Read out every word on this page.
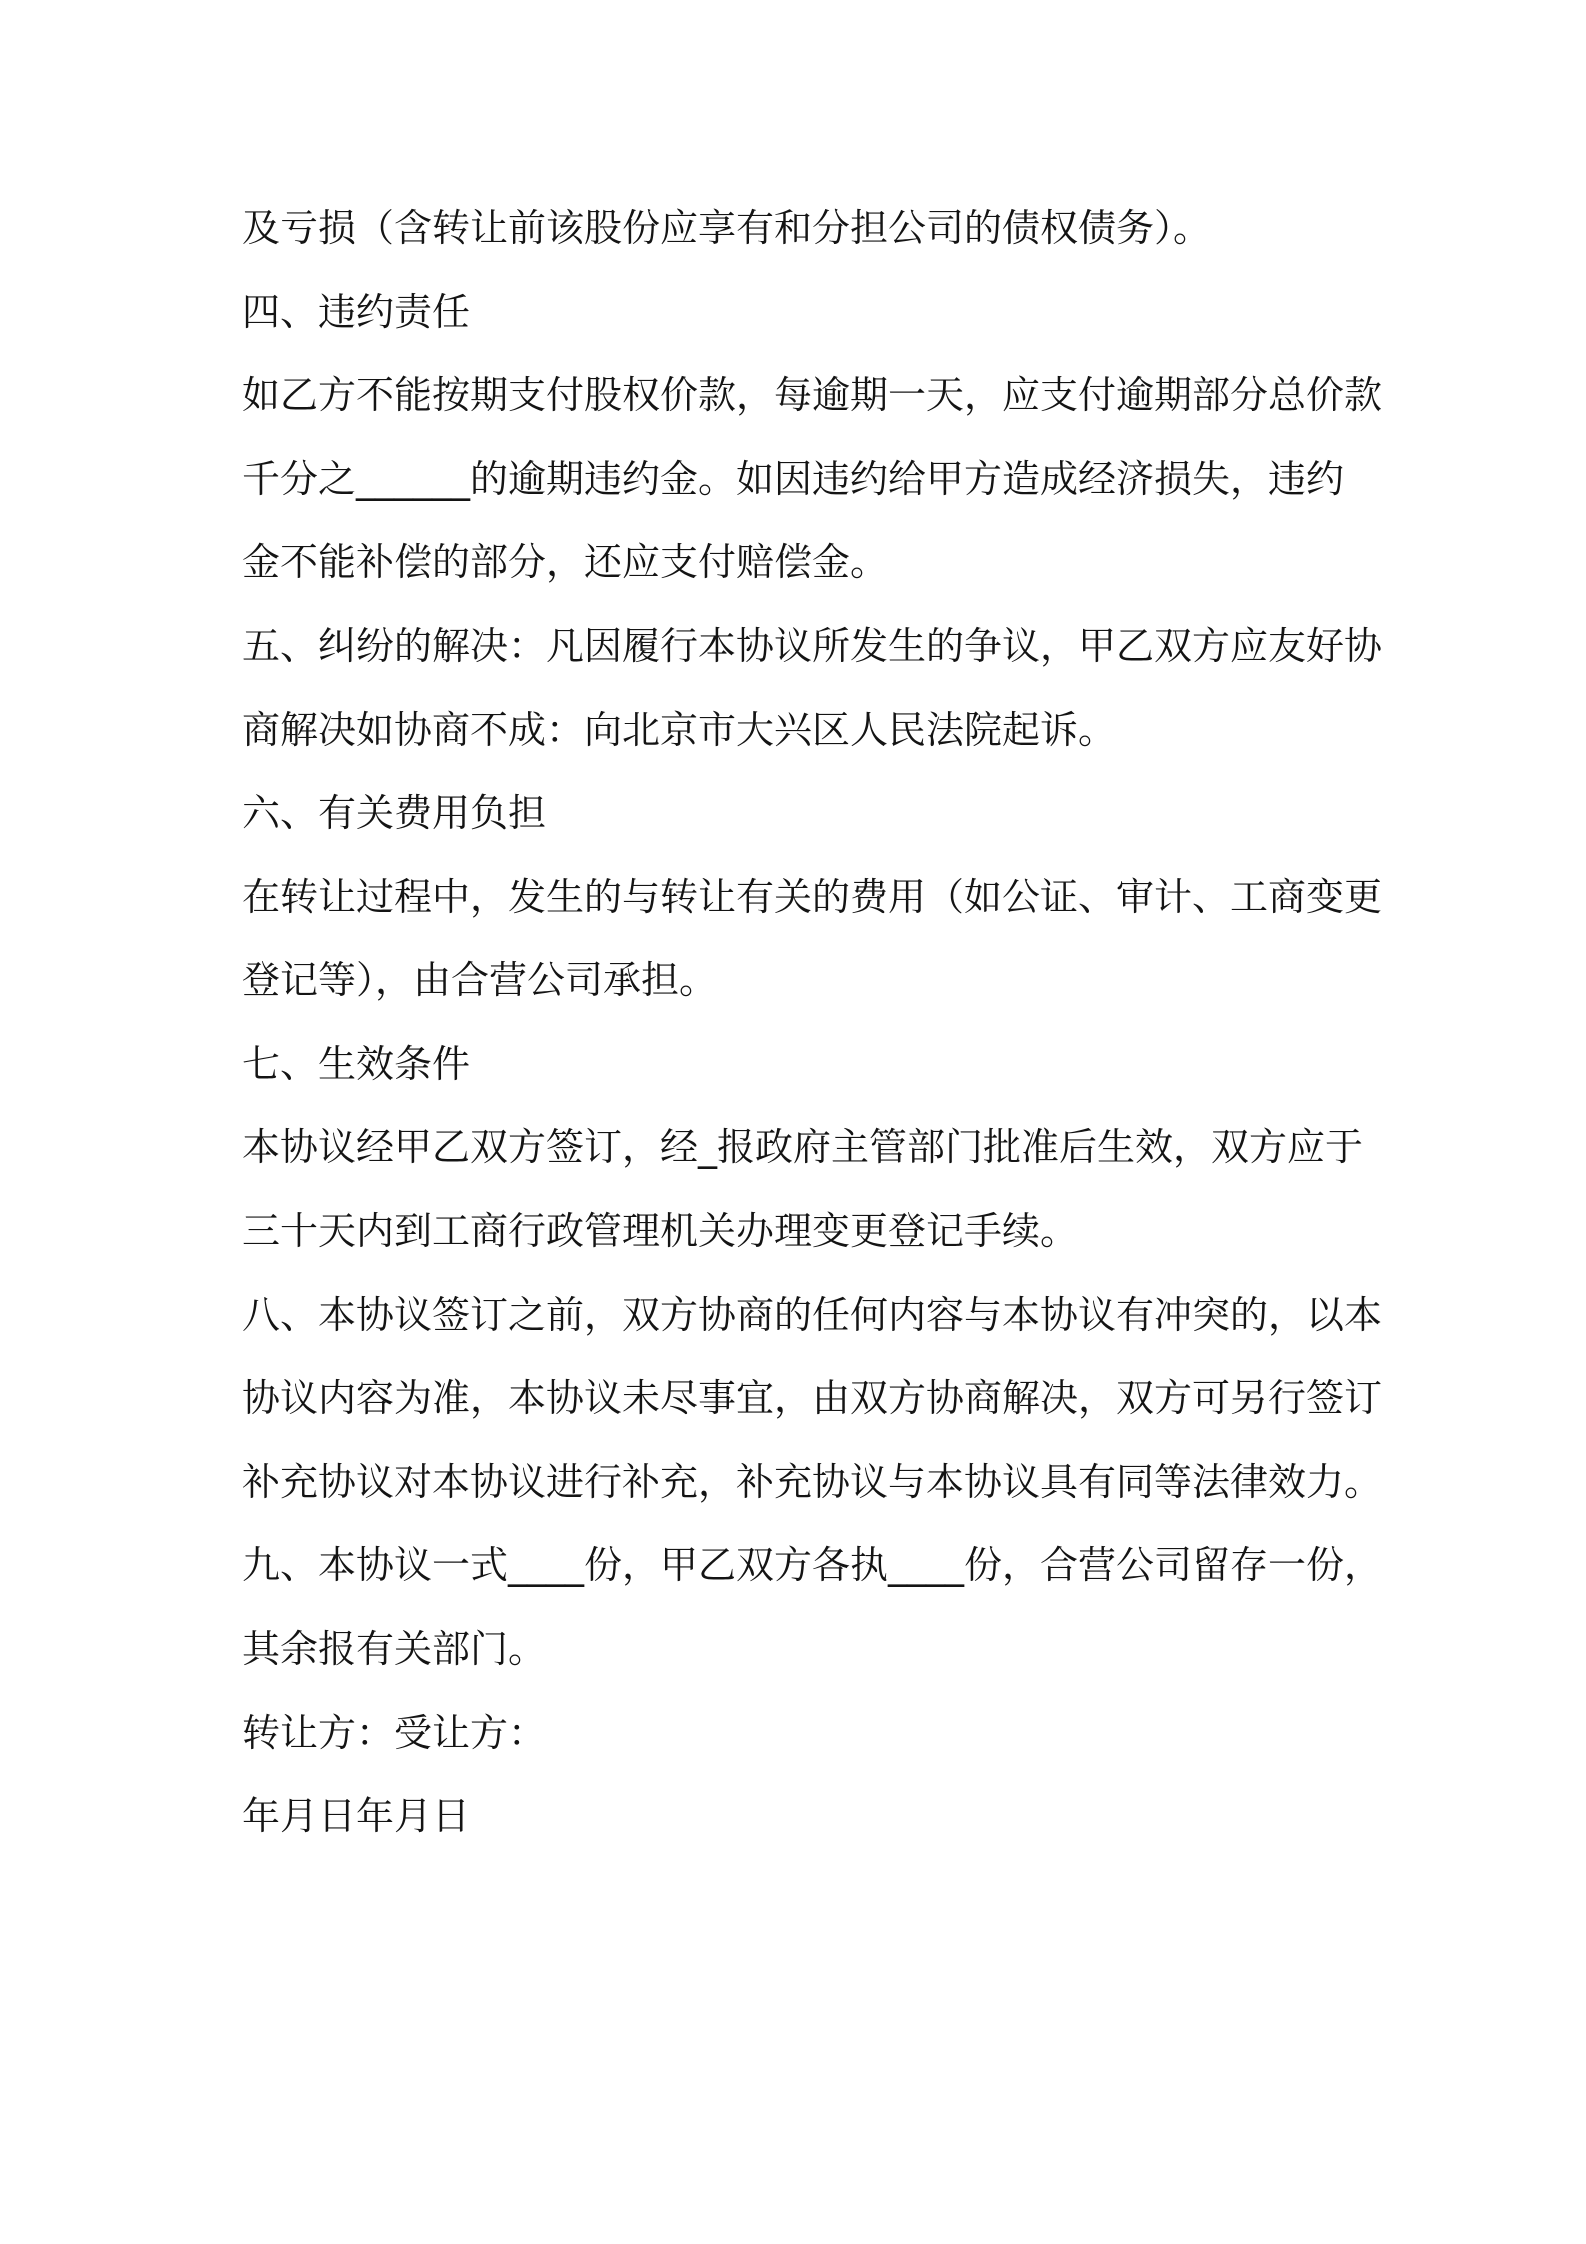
及亏损（含转让前该股份应享有和分担公司的债权债务）。
四、违约责任
如乙方不能按期支付股权价款，每逾期一天，应支付逾期部分总价款
千分之______的逾期违约金。如因违约给甲方造成经济损失，违约
金不能补偿的部分，还应支付赔偿金。
五、纠纷的解决：凡因履行本协议所发生的争议，甲乙双方应友好协
商解决如协商不成：向北京市大兴区人民法院起诉。
六、有关费用负担
在转让过程中，发生的与转让有关的费用（如公证、审计、工商变更
登记等），由合营公司承担。
七、生效条件
本协议经甲乙双方签订，经_报政府主管部门批准后生效，双方应于
三十天内到工商行政管理机关办理变更登记手续。
八、本协议签订之前，双方协商的任何内容与本协议有冲突的，以本
协议内容为准，本协议未尽事宜，由双方协商解决，双方可另行签订
补充协议对本协议进行补充，补充协议与本协议具有同等法律效力。
九、本协议一式____份，甲乙双方各执____份，合营公司留存一份，
其余报有关部门。
转让方：受让方：
年月日年月日
